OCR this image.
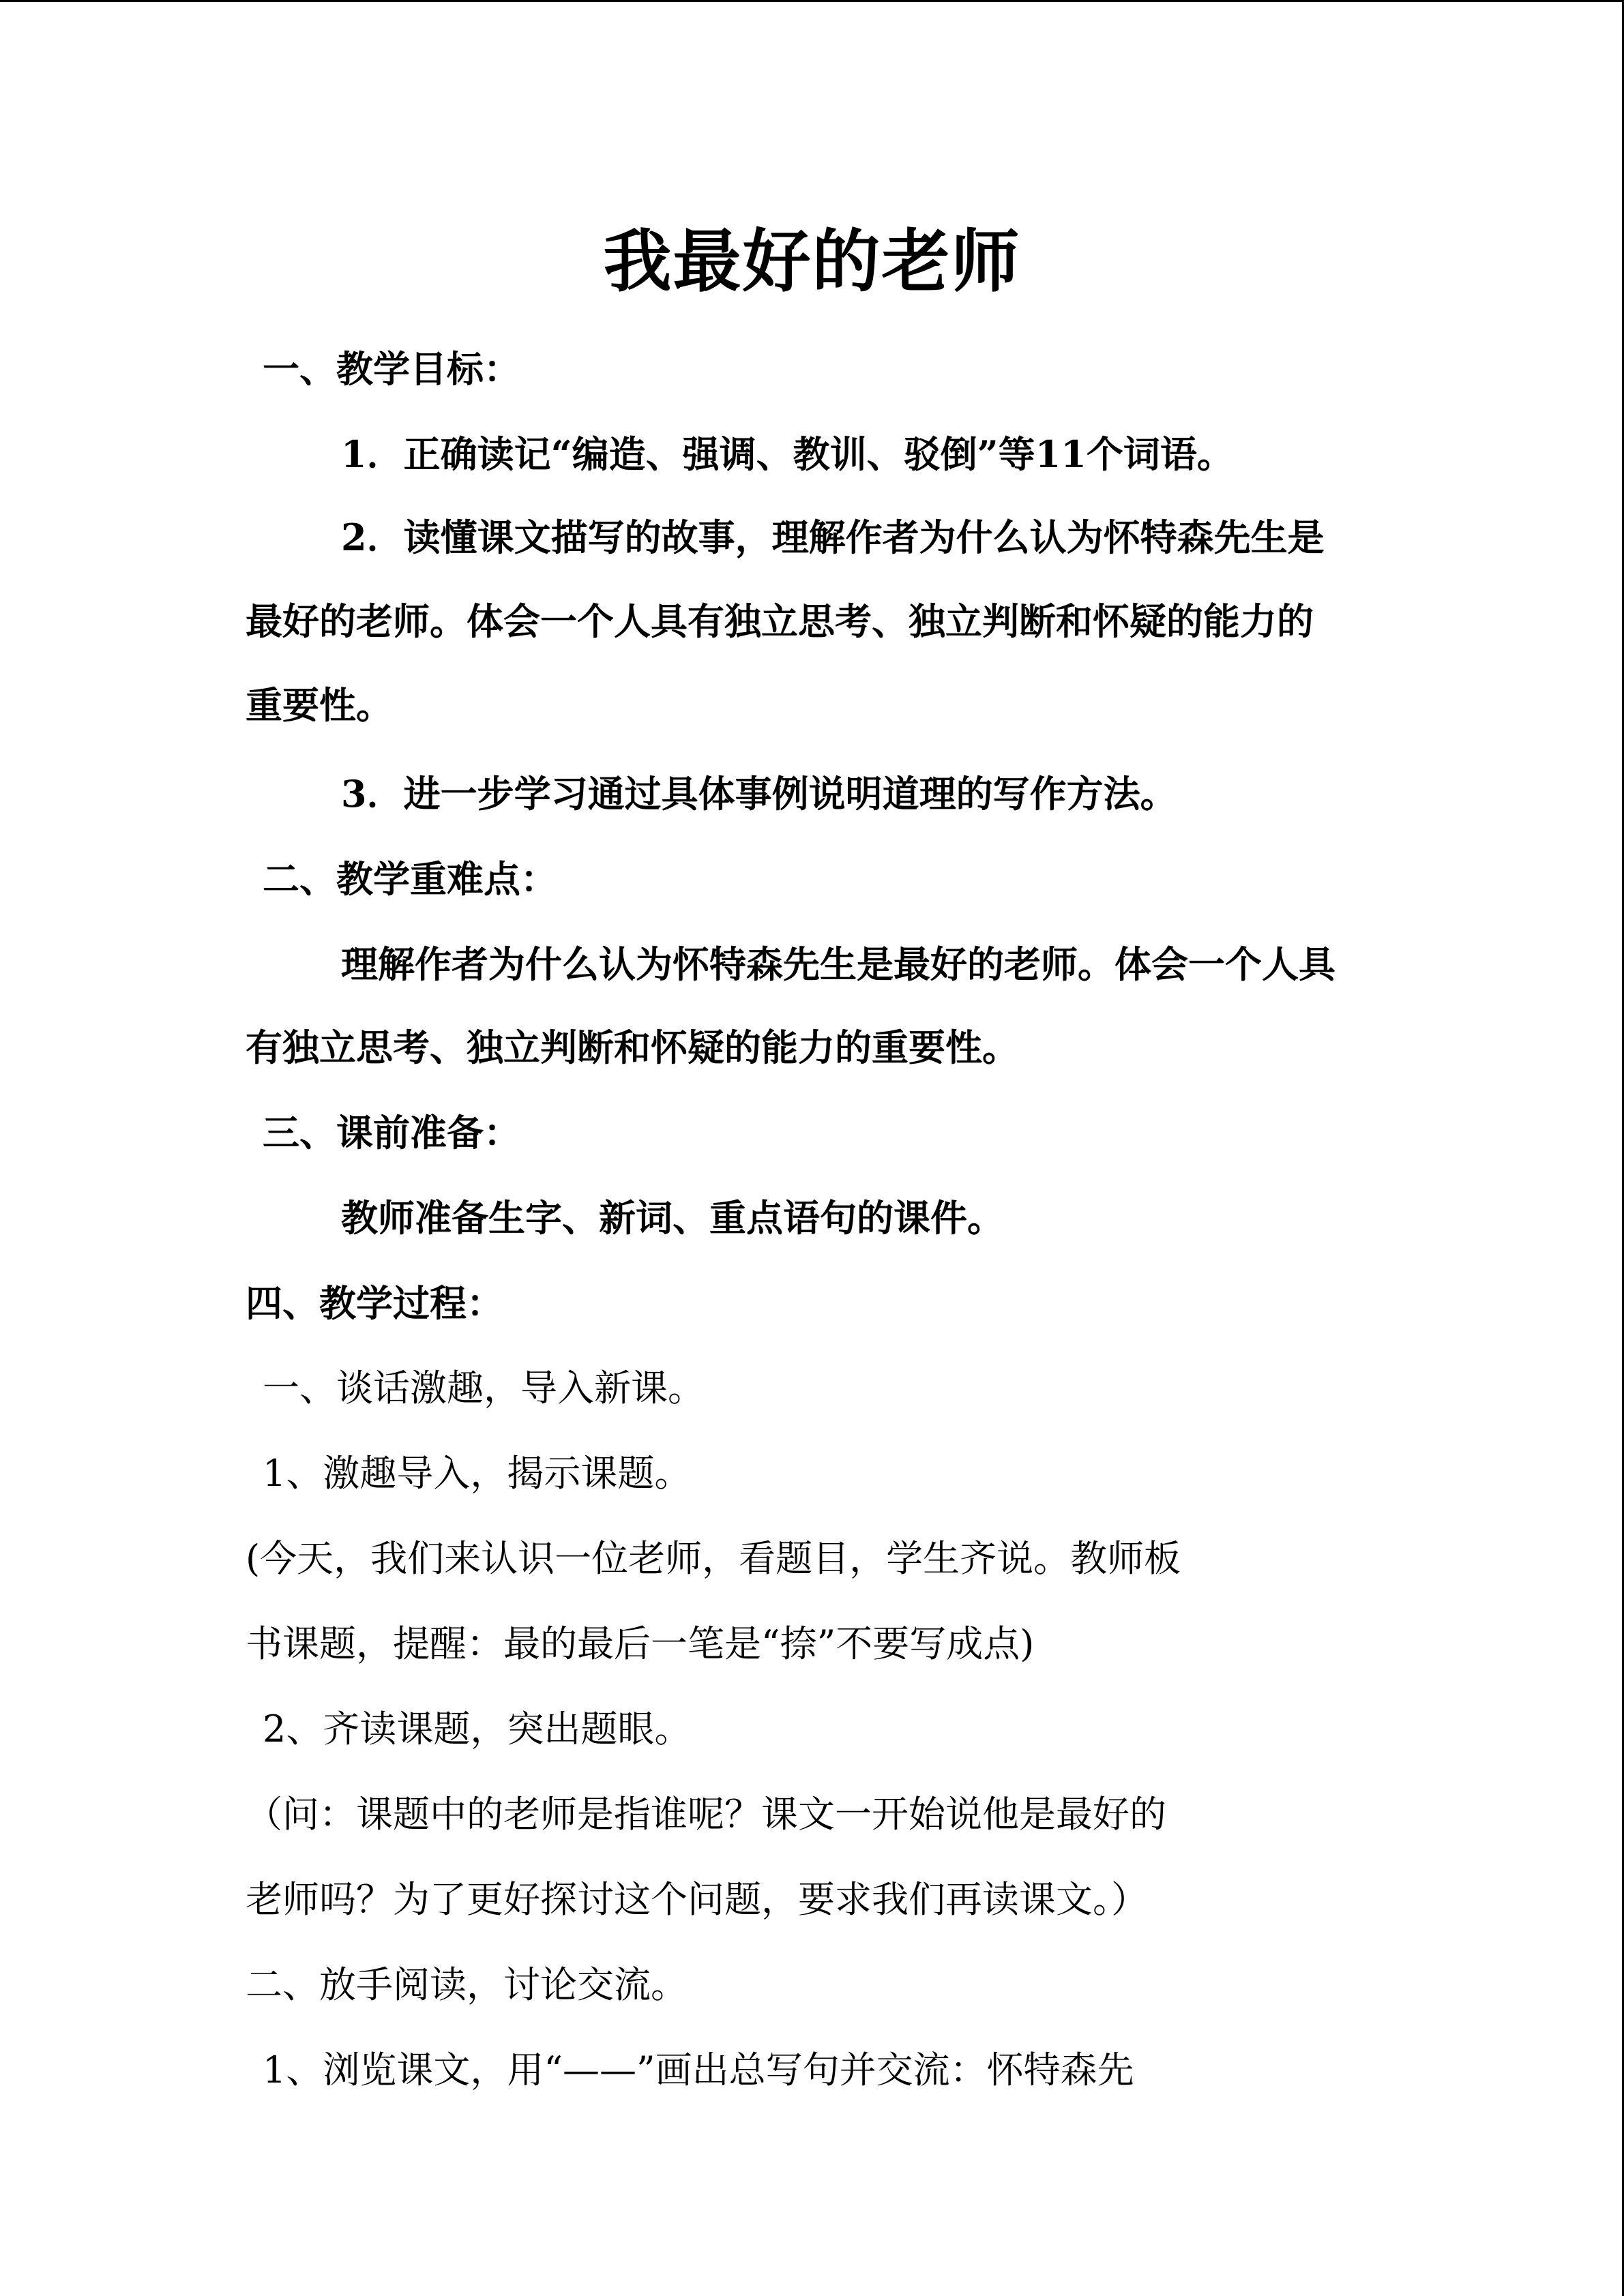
我最好的老师
一、教学目标：
1．正确读记“编造、强调、教训、驳倒”等11个词语。
2．读懂课文描写的故事，理解作者为什么认为怀特森先生是
最好的老师。体会一个人具有独立思考、独立判断和怀疑的能力的
重要性。
3．进一步学习通过具体事例说明道理的写作方法。
二、教学重难点：
理解作者为什么认为怀特森先生是最好的老师。体会一个人具
有独立思考、独立判断和怀疑的能力的重要性。
三、课前准备：
教师准备生字、新词、重点语句的课件。
四、教学过程：
一、谈话激趣，导入新课。
1、激趣导入，揭示课题。
(今天，我们来认识一位老师，看题目，学生齐说。教师板
书课题，提醒：最的最后一笔是“捺”不要写成点)
2、齐读课题，突出题眼。
（问：课题中的老师是指谁呢？课文一开始说他是最好的
老师吗？为了更好探讨这个问题，要求我们再读课文。）
二、放手阅读，讨论交流。
1、浏览课文，用“——”画出总写句并交流：怀特森先
